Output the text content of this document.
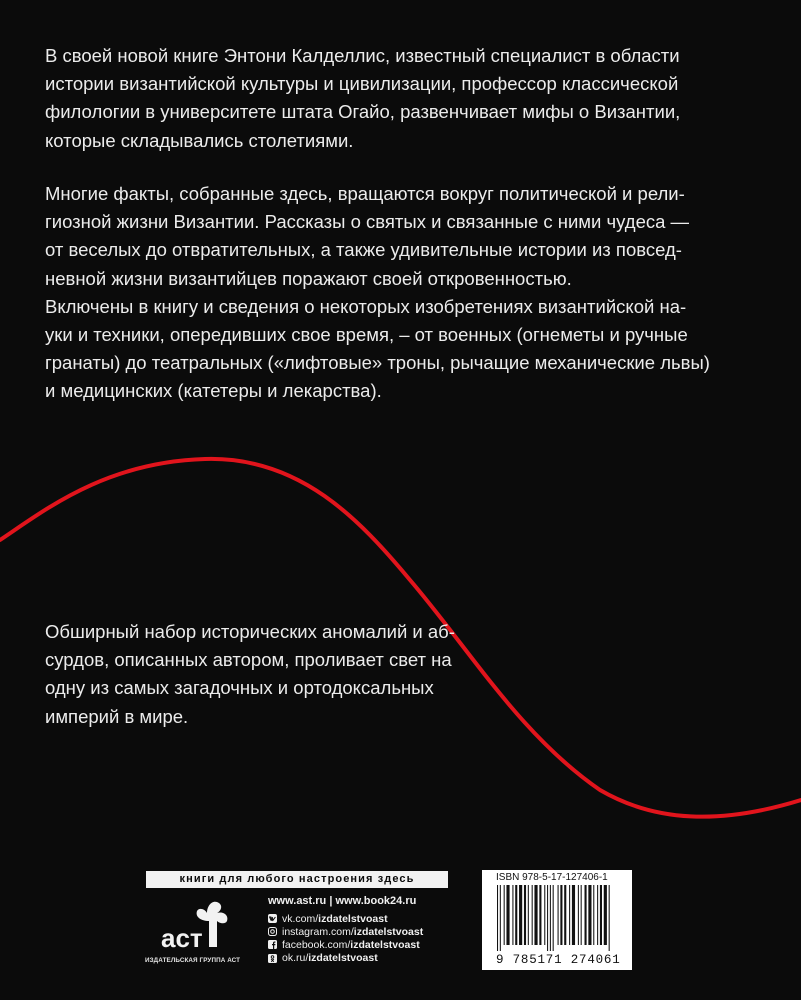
В своей новой книге Энтони Калделлис, известный специалист в области
истории византийской культуры и цивилизации, профессор классической
филологии в университете штата Огайо, развенчивает мифы о Византии,
которые складывались столетиями.
Многие факты, собранные здесь, вращаются вокруг политической и рели-
гиозной жизни Византии. Рассказы о святых и связанные с ними чудеса —
от веселых до отвратительных, а также удивительные истории из повсед-
невной жизни византийцев поражают своей откровенностью.
Включены в книгу и сведения о некоторых изобретениях византийской на-
уки и техники, опередивших свое время, – от военных (огнеметы и ручные
гранаты) до театральных («лифтовые» троны, рычащие механические львы)
и медицинских (катетеры и лекарства).
Обширный набор исторических аномалий и аб-
сурдов, описанных автором, проливает свет на
одну из самых загадочных и ортодоксальных
империй в мире.
книги для любого настроения здесь
aст
ИЗДАТЕЛЬСКАЯ ГРУППА АСТ
www.ast.ru | www.book24.ru
vk.com/ izdatelstvoast
instagram.com/ izdatelstvoast
facebook.com/ izdatelstvoast
ok.ru/ izdatelstvoast
ISBN 978-5-17-127406-1
9 785171 274061
